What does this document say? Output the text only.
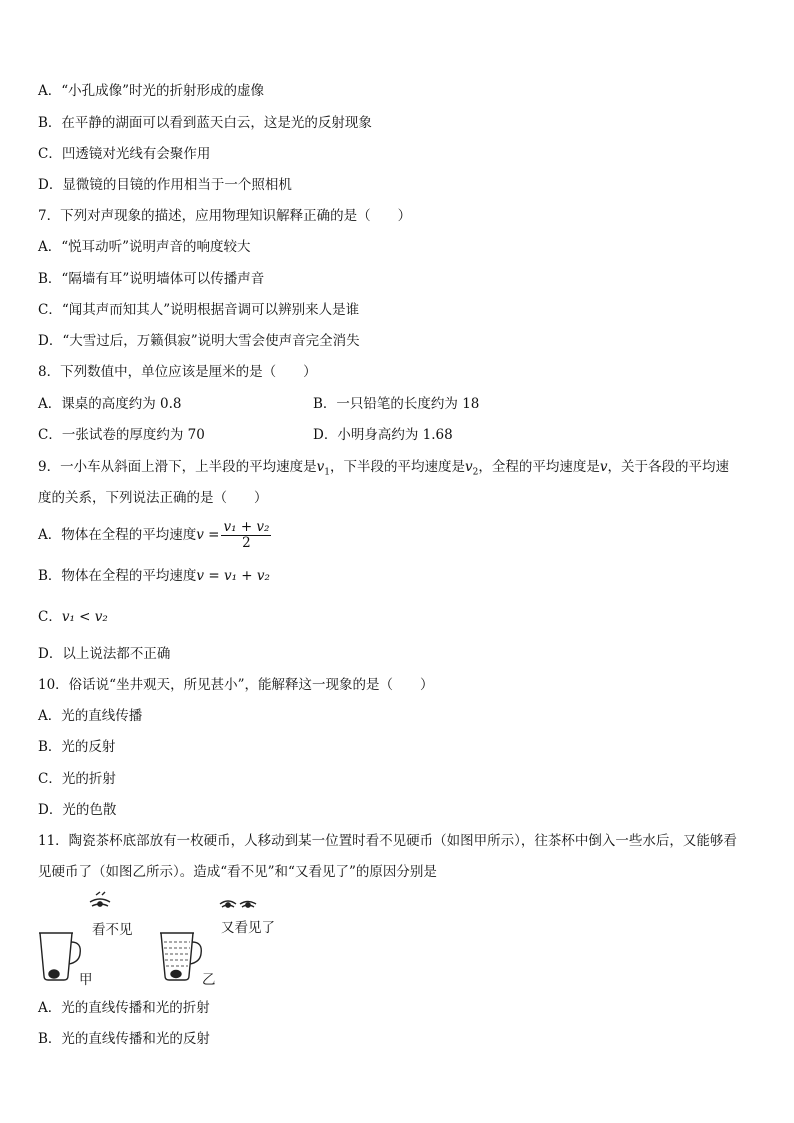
A．“小孔成像”时光的折射形成的虚像
B．在平静的湖面可以看到蓝天白云，这是光的反射现象
C．凹透镜对光线有会聚作用
D．显微镜的目镜的作用相当于一个照相机
7．下列对声现象的描述，应用物理知识解释正确的是（　　）
A．“悦耳动听”说明声音的响度较大
B．“隔墙有耳”说明墙体可以传播声音
C．“闻其声而知其人”说明根据音调可以辨别来人是谁
D．“大雪过后，万籁俱寂”说明大雪会使声音完全消失
8．下列数值中，单位应该是厘米的是（　　）
A．课桌的高度约为 0.8	B．一只铅笔的长度约为 18
C．一张试卷的厚度约为 70	D．小明身高约为 1.68
9．一小车从斜面上滑下，上半段的平均速度是$v_1$，下半段的平均速度是$v_2$，全程的平均速度是v，关于各段的平均速
度的关系，下列说法正确的是（　　）
A．物体在全程的平均速度$v = \frac{\text{v₁ + v₂}}{2}$
B．物体在全程的平均速度v = v₁ + v₂
C．v₁ < v₂
D．以上说法都不正确
10．俗话说“坐井观天，所见甚小”，能解释这一现象的是（　　）
A．光的直线传播
B．光的反射
C．光的折射
D．光的色散
11．陶瓷茶杯底部放有一枚硬币，人移动到某一位置时看不见硬币（如图甲所示），往茶杯中倒入一些水后，又能够看
见硬币了（如图乙所示）。造成“看不见”和“又看见了”的原因分别是
看不见	又看见了
甲	乙
A．光的直线传播和光的折射
B．光的直线传播和光的反射
